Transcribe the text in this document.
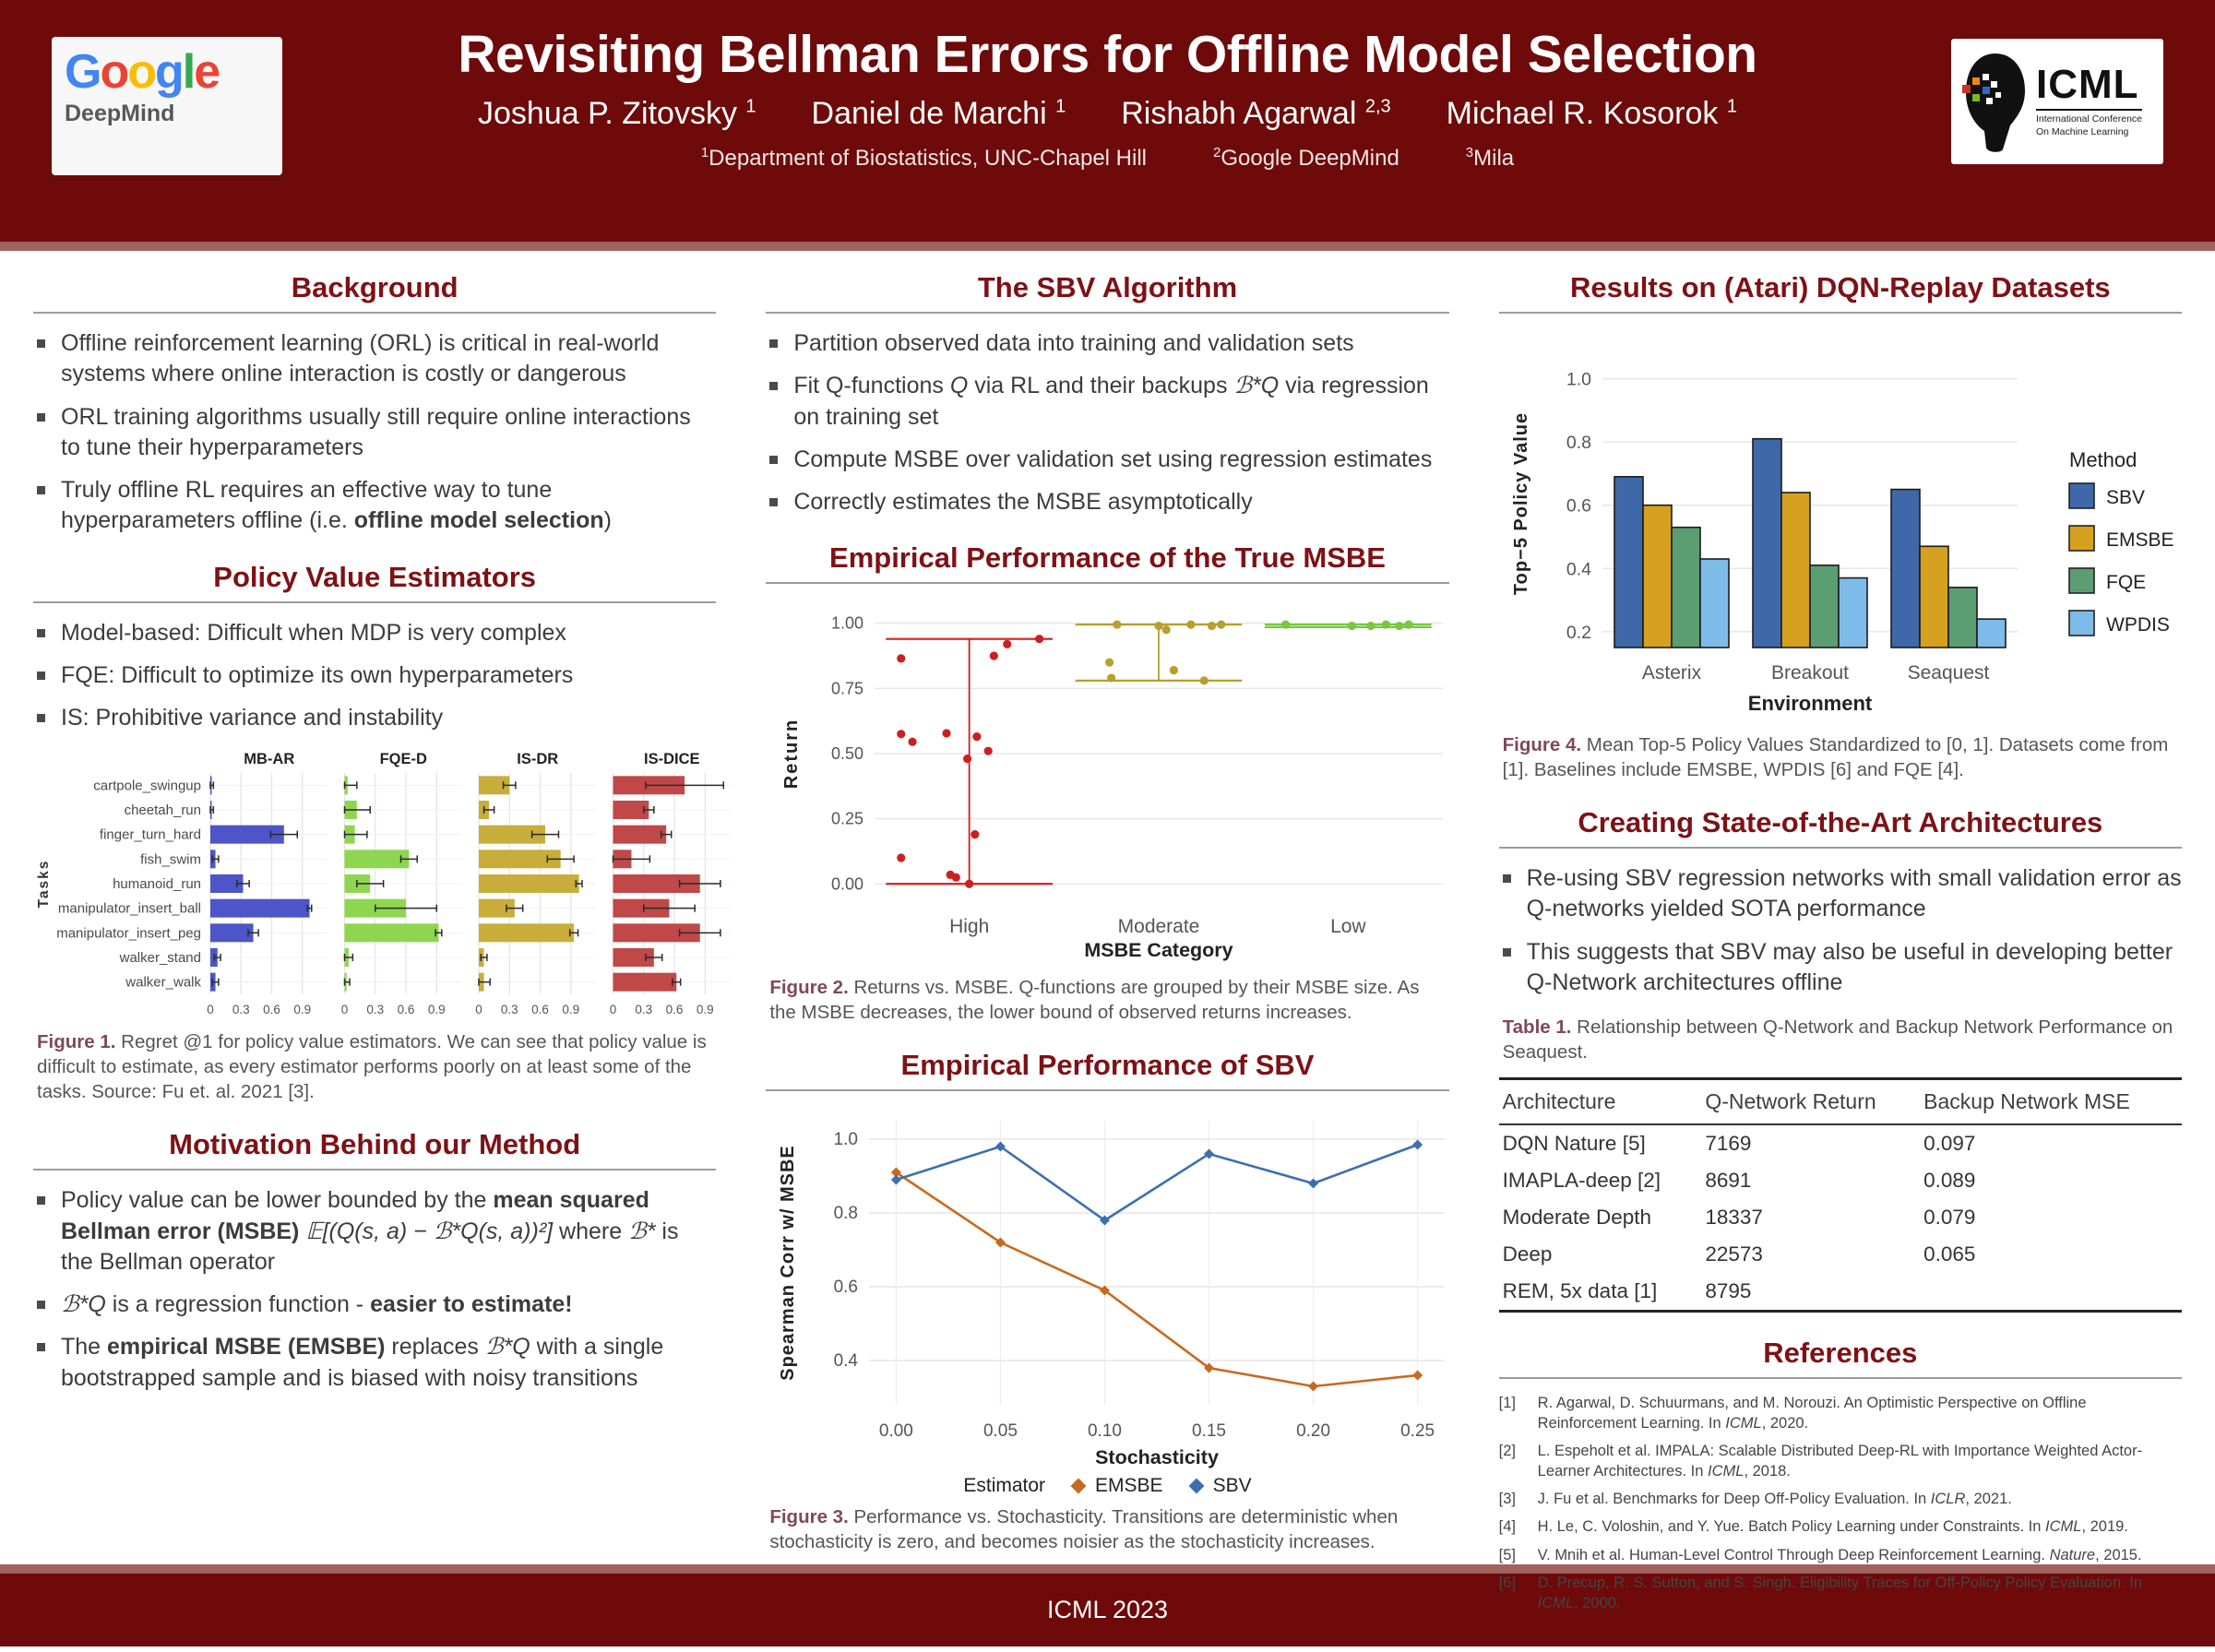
Google
DeepMind
Revisiting Bellman Errors for Offline Model Selection
Joshua P. Zitovsky $^1$ Daniel de Marchi $^1$ Rishabh Agarwal $^{2,3}$ Michael R. Kosorok $^1$
$^1$Department of Biostatistics, UNC-Chapel Hill	$^2$Google DeepMind	$^3$Mila
ICML
International Conference
On Machine Learning
Background
Offline reinforcement learning (ORL) is critical in real-world systems where online interaction is costly or dangerous
ORL training algorithms usually still require online interactions to tune their hyperparameters
Truly offline RL requires an effective way to tune hyperparameters offline (i.e. offline model selection)
Policy Value Estimators
Model-based: Difficult when MDP is very complex
FQE: Difficult to optimize its own hyperparameters
IS: Prohibitive variance and instability
Tasks
cartpole_swingup
cheetah_run
finger_turn_hard
fish_swim
humanoid_run
manipulator_insert_ball
manipulator_insert_peg
walker_stand
walker_walk
MB-AR
0 0.3 0.6 0.9
FQE-D
0 0.3 0.6 0.9
IS-DR
0 0.3 0.6 0.9
IS-DICE
0 0.3 0.6 0.9
Figure 1. Regret @1 for policy value estimators. We can see that policy value is difficult to estimate, as every estimator performs poorly on at least some of the tasks. Source: Fu et. al. 2021 [3].
Motivation Behind our Method
Policy value can be lower bounded by the mean squared Bellman error (MSBE) 𝔼[(Q(s, a) − ℬ*Q(s, a))²] where ℬ* is the Bellman operator
ℬ*Q is a regression function - easier to estimate!
The empirical MSBE (EMSBE) replaces ℬ*Q with a single bootstrapped sample and is biased with noisy transitions
The SBV Algorithm
Partition observed data into training and validation sets
Fit Q-functions Q via RL and their backups ℬ*Q via regression on training set
Compute MSBE over validation set using regression estimates
Correctly estimates the MSBE asymptotically
Empirical Performance of the True MSBE
0.00
0.25
0.50
0.75
1.00
Return
High	Moderate	Low
MSBE Category
Figure 2. Returns vs. MSBE. Q-functions are grouped by their MSBE size. As the MSBE decreases, the lower bound of observed returns increases.
Empirical Performance of SBV
0.4
0.6
0.8
1.0
0.00	0.05	0.10	0.15	0.20	0.25
Spearman Corr w/ MSBE
Stochasticity
Estimator	EMSBE	SBV
Figure 3. Performance vs. Stochasticity. Transitions are deterministic when stochasticity is zero, and becomes noisier as the stochasticity increases.
Results on (Atari) DQN-Replay Datasets
0.2
0.4
0.6
0.8
1.0
Asterix	Breakout	Seaquest
Environment
Top−5 Policy Value	Method
SBV
EMSBE
FQE
WPDIS
Figure 4. Mean Top-5 Policy Values Standardized to [0, 1]. Datasets come from [1]. Baselines include EMSBE, WPDIS [6] and FQE [4].
Creating State-of-the-Art Architectures
Re-using SBV regression networks with small validation error as Q-networks yielded SOTA performance
This suggests that SBV may also be useful in developing better Q-Network architectures offline
Table 1. Relationship between Q-Network and Backup Network Performance on Seaquest.
Architecture	Q-Network Return	Backup Network MSE
DQN Nature [5]	7169	0.097
IMAPLA-deep [2]	8691	0.089
Moderate Depth	18337	0.079
Deep	22573	0.065
REM, 5x data [1]	8795	
References
[1]	R. Agarwal, D. Schuurmans, and M. Norouzi. An Optimistic Perspective on Offline Reinforcement Learning. In ICML, 2020.
[2]	L. Espeholt et al. IMPALA: Scalable Distributed Deep-RL with Importance Weighted Actor-Learner Architectures. In ICML, 2018.
[3]	J. Fu et al. Benchmarks for Deep Off-Policy Evaluation. In ICLR, 2021.
[4]	H. Le, C. Voloshin, and Y. Yue. Batch Policy Learning under Constraints. In ICML, 2019.
[5]	V. Mnih et al. Human-Level Control Through Deep Reinforcement Learning. Nature, 2015.
[6]	D. Precup, R. S. Sutton, and S. Singh. Eligibility Traces for Off-Policy Policy Evaluation. In ICML, 2000.
ICML 2023
